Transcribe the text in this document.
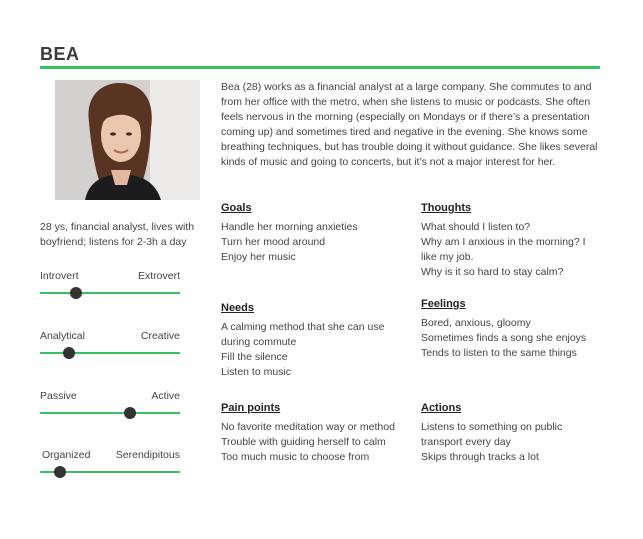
BEA
28 ys, financial analyst, lives with boyfriend; listens for 2-3h a day
Introvert	Extrovert
Analytical	Creative
Passive	Active
Organized Serendipitous
Bea (28) works as a financial analyst at a large company. She commutes to and from her office with the metro, when she listens to music or podcasts. She often feels nervous in the morning (especially on Mondays or if there’s a presentation coming up) and sometimes tired and negative in the evening. She knows some breathing techniques, but has trouble doing it without guidance. She likes several kinds of music and going to concerts, but it’s not a major interest for her.
Goals
Handle her morning anxieties
Turn her mood around
Enjoy her music
Thoughts
What should I listen to?
Why am I anxious in the morning? I like my job.
Why is it so hard to stay calm?
Needs
A calming method that she can use during commute
Fill the silence
Listen to music
Feelings
Bored, anxious, gloomy
Sometimes finds a song she enjoys
Tends to listen to the same things
Pain points
No favorite meditation way or method
Trouble with guiding herself to calm
Too much music to choose from
Actions
Listens to something on public transport every day
Skips through tracks a lot
